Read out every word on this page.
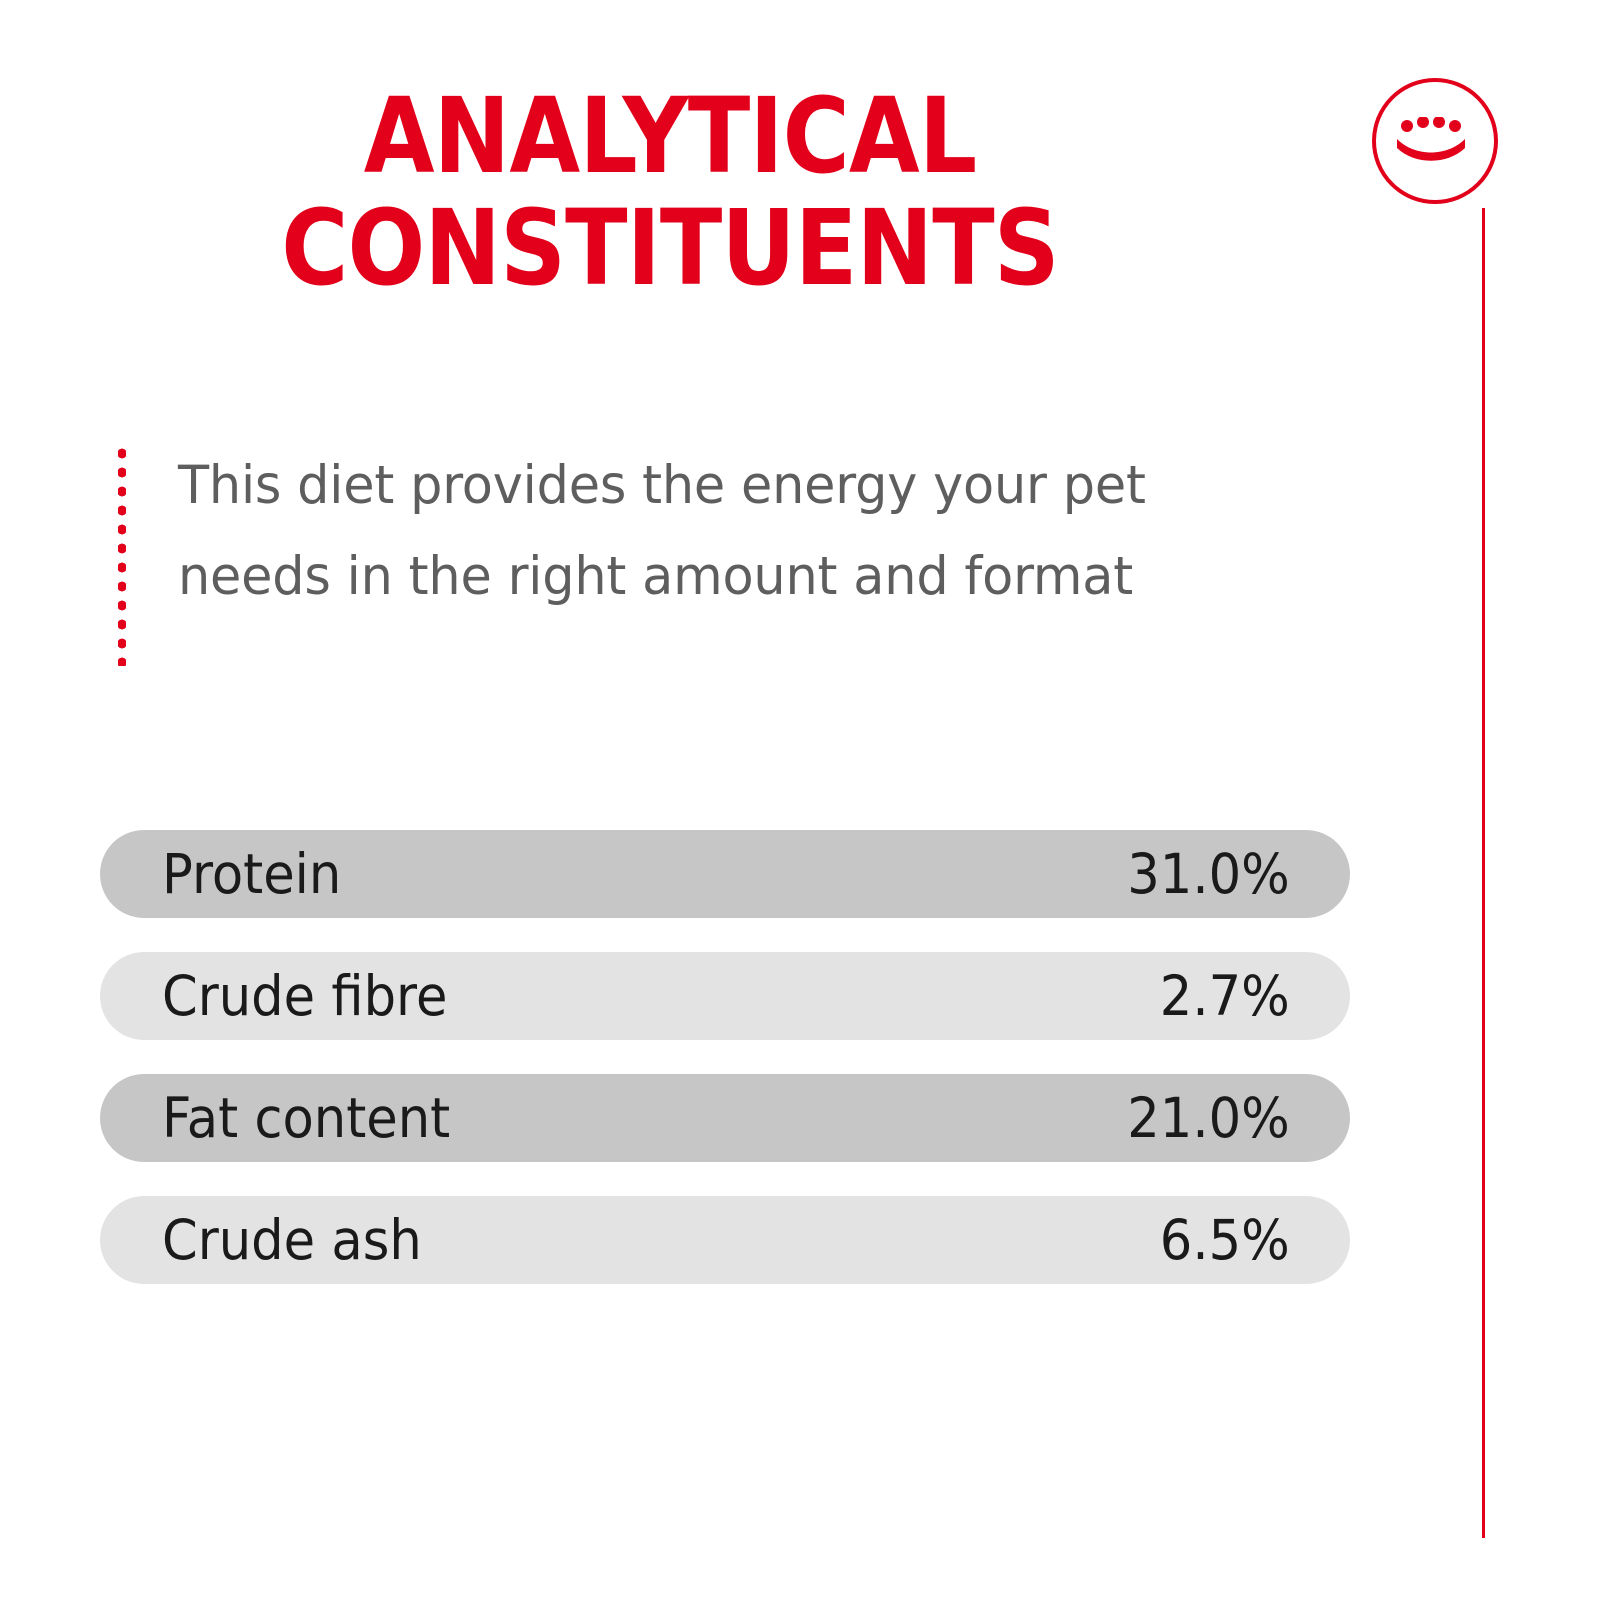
ANALYTICAL
CONSTITUENTS
This diet provides the energy your pet needs in the right amount and format
Protein	31.0%
Crude fibre	2.7%
Fat content	21.0%
Crude ash	6.5%
